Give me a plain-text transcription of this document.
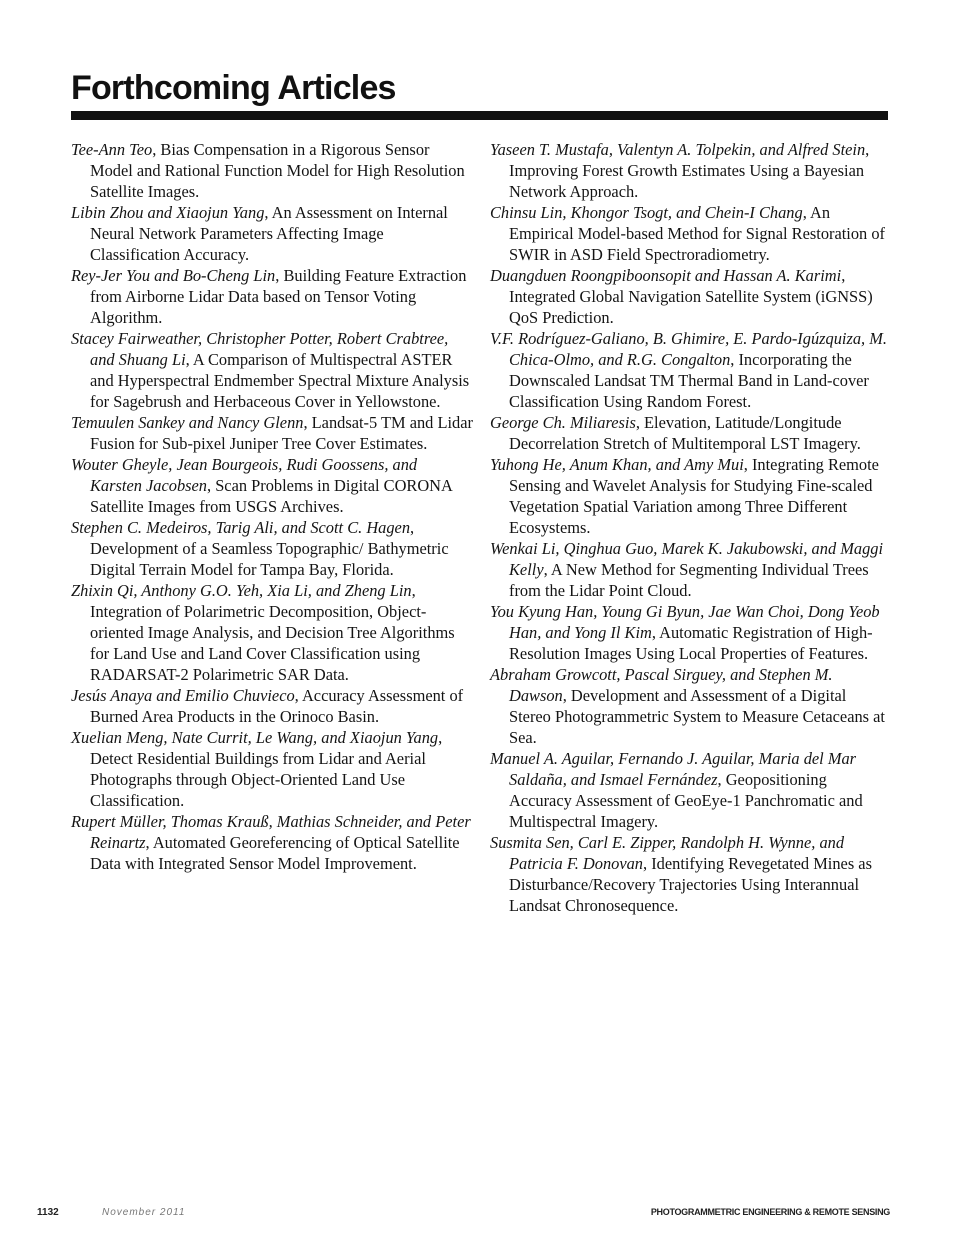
Forthcoming Articles

Tee-Ann Teo, Bias Compensation in a Rigorous Sensor Model and Rational Function Model for High Resolution Satellite Images.

Libin Zhou and Xiaojun Yang, An Assessment on Internal Neural Network Parameters Affecting Image Classification Accuracy.

Rey-Jer You and Bo-Cheng Lin, Building Feature Extraction from Airborne Lidar Data based on Tensor Voting Algorithm.

Stacey Fairweather, Christopher Potter, Robert Crabtree, and Shuang Li, A Comparison of Multispectral ASTER and Hyperspectral Endmember Spectral Mixture Analysis for Sagebrush and Herbaceous Cover in Yellowstone.

Temuulen Sankey and Nancy Glenn, Landsat-5 TM and Lidar Fusion for Sub-pixel Juniper Tree Cover Estimates.

Wouter Gheyle, Jean Bourgeois, Rudi Goossens, and Karsten Jacobsen, Scan Problems in Digital CORONA Satellite Images from USGS Archives.

Stephen C. Medeiros, Tarig Ali, and Scott C. Hagen, Development of a Seamless Topographic/ Bathymetric Digital Terrain Model for Tampa Bay, Florida.

Zhixin Qi, Anthony G.O. Yeh, Xia Li, and Zheng Lin, Integration of Polarimetric Decomposition, Object-oriented Image Analysis, and Decision Tree Algorithms for Land Use and Land Cover Classification using RADARSAT-2 Polarimetric SAR Data.

Jesús Anaya and Emilio Chuvieco, Accuracy Assessment of Burned Area Products in the Orinoco Basin.

Xuelian Meng, Nate Currit, Le Wang, and Xiaojun Yang, Detect Residential Buildings from Lidar and Aerial Photographs through Object-Oriented Land Use Classification.

Rupert Müller, Thomas Krauß, Mathias Schneider, and Peter Reinartz, Automated Georeferencing of Optical Satellite Data with Integrated Sensor Model Improvement.

Yaseen T. Mustafa, Valentyn A. Tolpekin, and Alfred Stein, Improving Forest Growth Estimates Using a Bayesian Network Approach.

Chinsu Lin, Khongor Tsogt, and Chein-I Chang, An Empirical Model-based Method for Signal Restoration of SWIR in ASD Field Spectroradiometry.

Duangduen Roongpiboonsopit and Hassan A. Karimi, Integrated Global Navigation Satellite System (iGNSS) QoS Prediction.

V.F. Rodríguez-Galiano, B. Ghimire, E. Pardo-Igúzquiza, M. Chica-Olmo, and R.G. Congalton, Incorporating the Downscaled Landsat TM Thermal Band in Land-cover Classification Using Random Forest.

George Ch. Miliaresis, Elevation, Latitude/Longitude Decorrelation Stretch of Multitemporal LST Imagery.

Yuhong He, Anum Khan, and Amy Mui, Integrating Remote Sensing and Wavelet Analysis for Studying Fine-scaled Vegetation Spatial Variation among Three Different Ecosystems.

Wenkai Li, Qinghua Guo, Marek K. Jakubowski, and Maggi Kelly, A New Method for Segmenting Individual Trees from the Lidar Point Cloud.

You Kyung Han, Young Gi Byun, Jae Wan Choi, Dong Yeob Han, and Yong Il Kim, Automatic Registration of High-Resolution Images Using Local Properties of Features.

Abraham Growcott, Pascal Sirguey, and Stephen M. Dawson, Development and Assessment of a Digital Stereo Photogrammetric System to Measure Cetaceans at Sea.

Manuel A. Aguilar, Fernando J. Aguilar, Maria del Mar Saldaña, and Ismael Fernández, Geopositioning Accuracy Assessment of GeoEye-1 Panchromatic and Multispectral Imagery.

Susmita Sen, Carl E. Zipper, Randolph H. Wynne, and Patricia F. Donovan, Identifying Revegetated Mines as Disturbance/Recovery Trajectories Using Interannual Landsat Chronosequence.

1132	November 2011	PHOTOGRAMMETRIC ENGINEERING & REMOTE SENSING
